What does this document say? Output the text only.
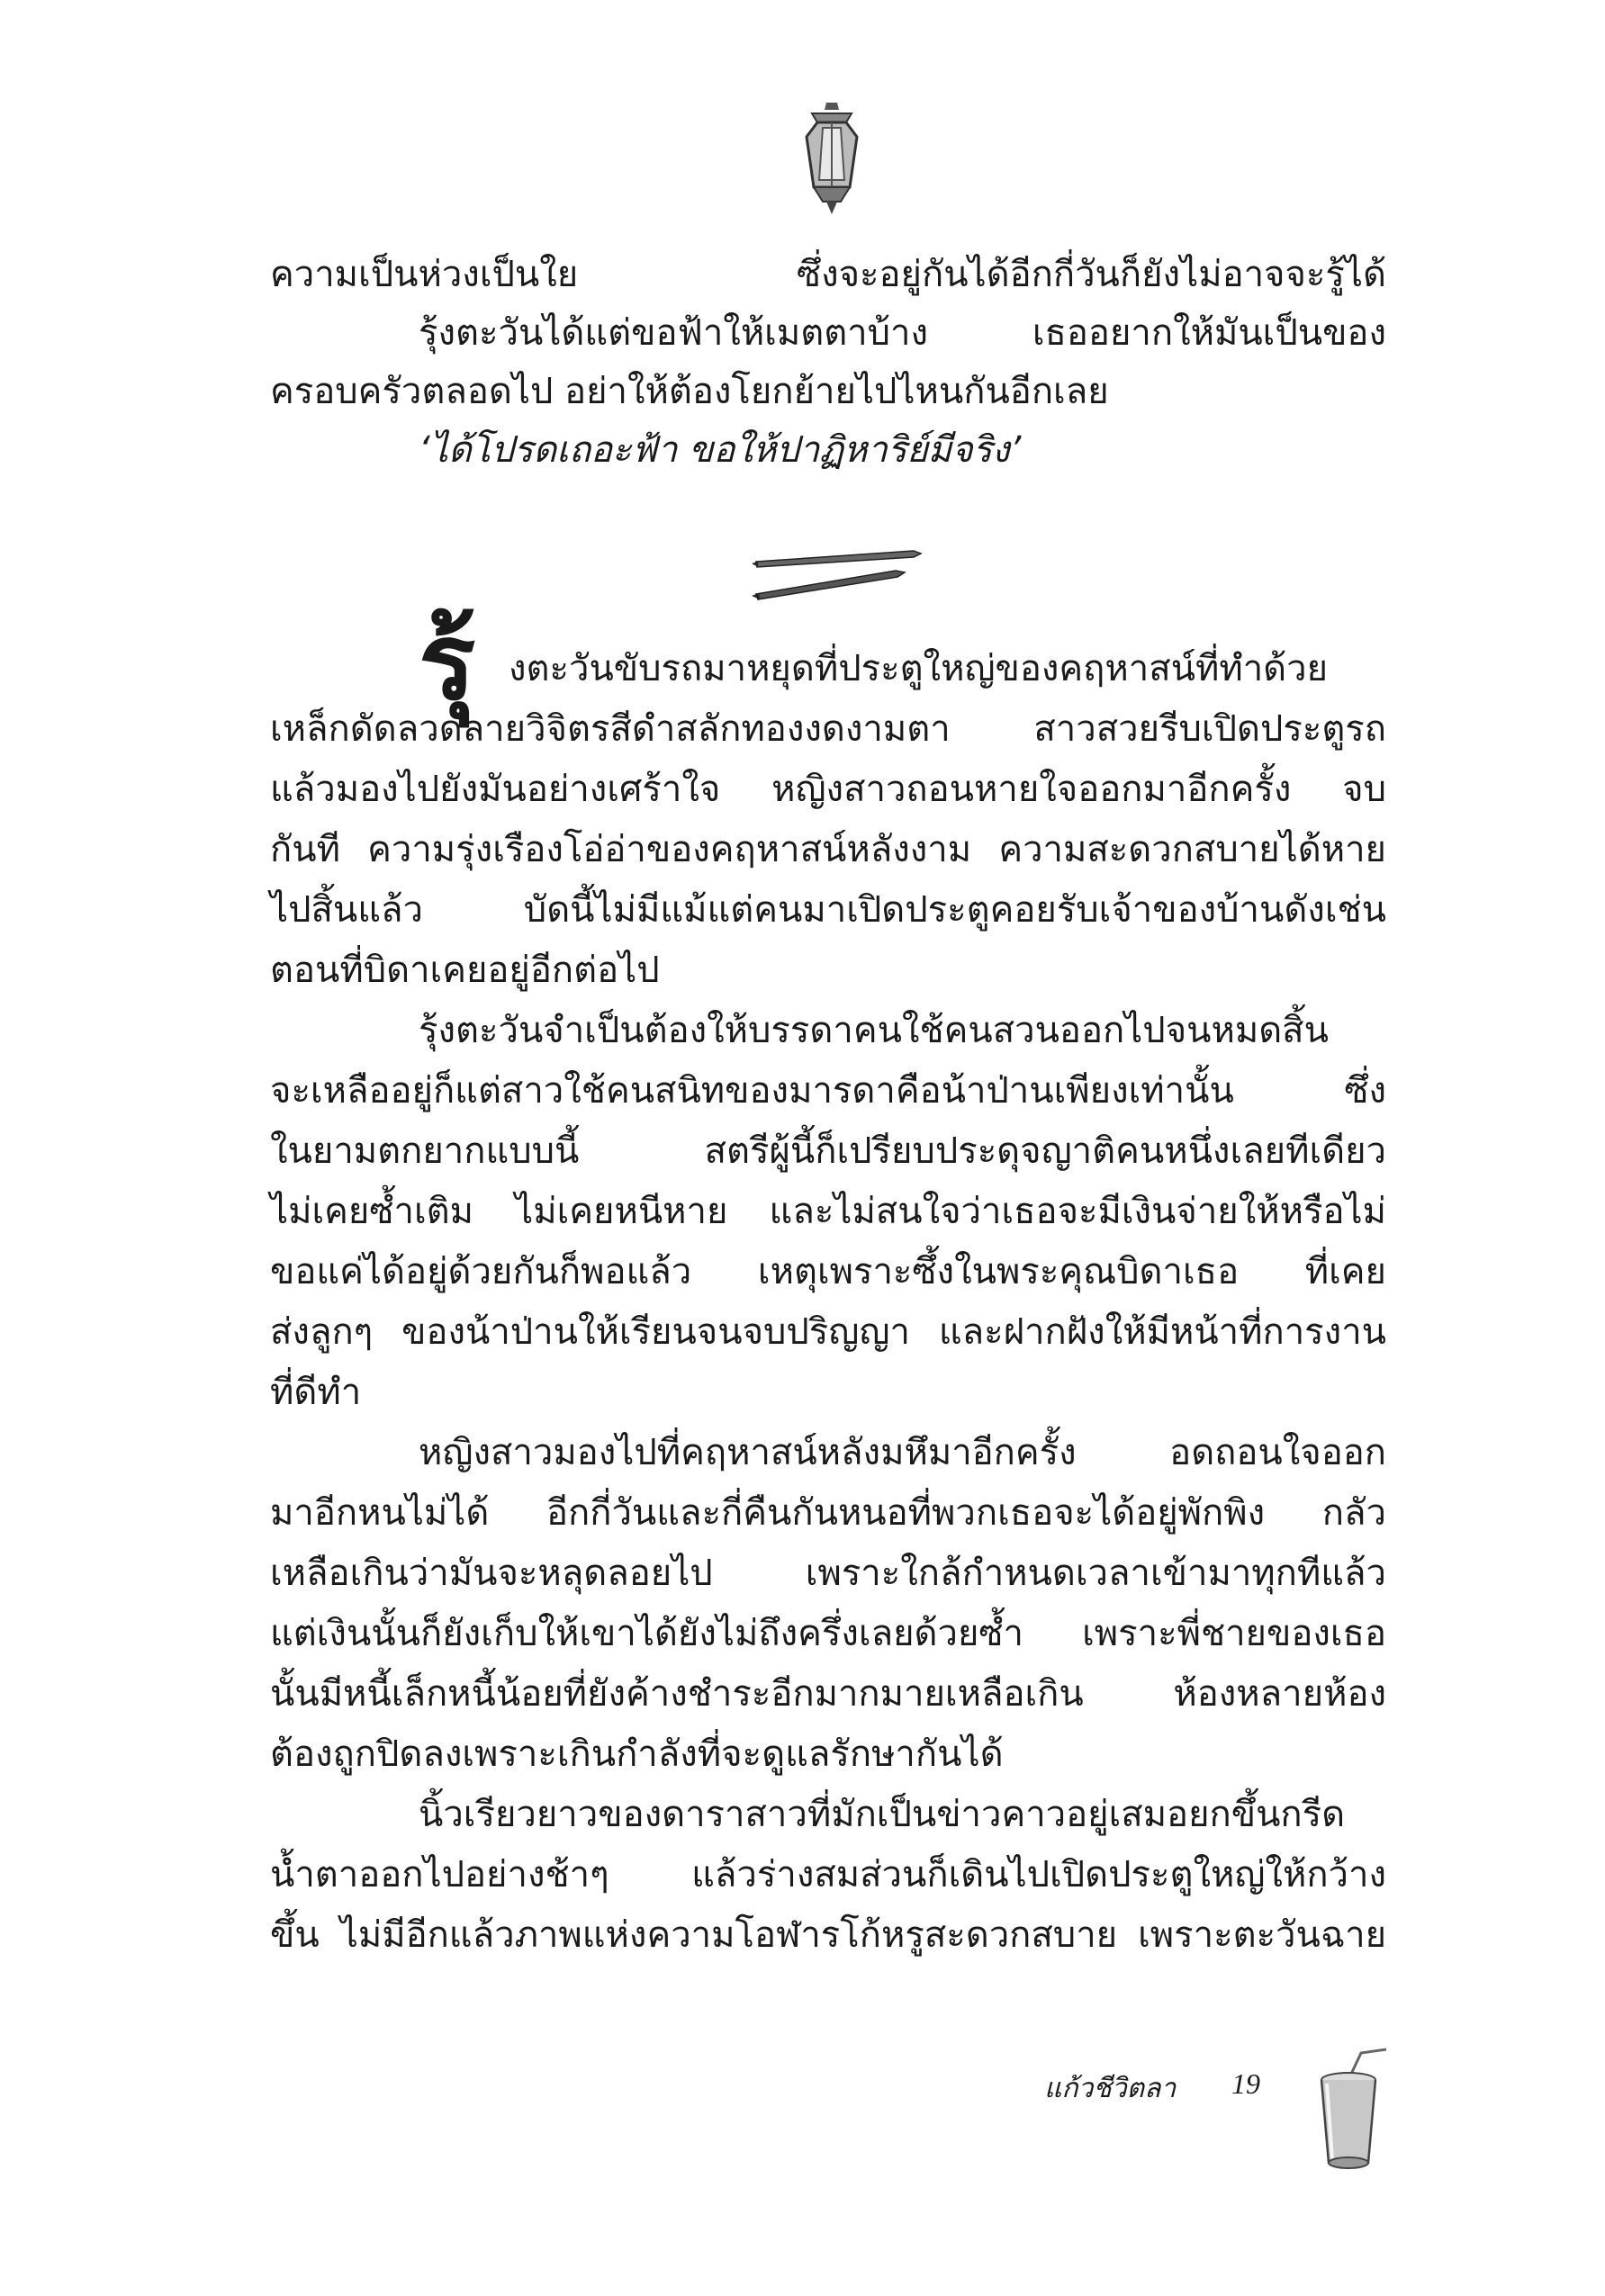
ความเป็นห่วงเป็นใย ซึ่งจะอยู่กันได้อีกกี่วันก็ยังไม่อาจจะรู้ได้
รุ้งตะวันได้แต่ขอฟ้าให้เมตตาบ้าง เธออยากให้มันเป็นของ
ครอบครัวตลอดไป อย่าให้ต้องโยกย้ายไปไหนกันอีกเลย
‘ได้โปรดเถอะฟ้า ขอให้ปาฏิหาริย์มีจริง’
รุ้ งตะวันขับรถมาหยุดที่ประตูใหญ่ของคฤหาสน์ที่ทำด้วย
เหล็กดัดลวดลายวิจิตรสีดำสลักทองงดงามตา สาวสวยรีบเปิดประตูรถ
แล้วมองไปยังมันอย่างเศร้าใจ หญิงสาวถอนหายใจออกมาอีกครั้ง จบ
กันที ความรุ่งเรืองโอ่อ่าของคฤหาสน์หลังงาม ความสะดวกสบายได้หาย
ไปสิ้นแล้ว บัดนี้ไม่มีแม้แต่คนมาเปิดประตูคอยรับเจ้าของบ้านดังเช่น
ตอนที่บิดาเคยอยู่อีกต่อไป
รุ้งตะวันจำเป็นต้องให้บรรดาคนใช้คนสวนออกไปจนหมดสิ้น
จะเหลืออยู่ก็แต่สาวใช้คนสนิทของมารดาคือน้าป่านเพียงเท่านั้น ซึ่ง
ในยามตกยากแบบนี้ สตรีผู้นี้ก็เปรียบประดุจญาติคนหนึ่งเลยทีเดียว
ไม่เคยซ้ำเติม ไม่เคยหนีหาย และไม่สนใจว่าเธอจะมีเงินจ่ายให้หรือไม่
ขอแค่ได้อยู่ด้วยกันก็พอแล้ว เหตุเพราะซึ้งในพระคุณบิดาเธอ ที่เคย
ส่งลูกๆ ของน้าป่านให้เรียนจนจบปริญญา และฝากฝังให้มีหน้าที่การงาน
ที่ดีทำ
หญิงสาวมองไปที่คฤหาสน์หลังมหึมาอีกครั้ง อดถอนใจออก
มาอีกหนไม่ได้ อีกกี่วันและกี่คืนกันหนอที่พวกเธอจะได้อยู่พักพิง กลัว
เหลือเกินว่ามันจะหลุดลอยไป เพราะใกล้กำหนดเวลาเข้ามาทุกทีแล้ว
แต่เงินนั้นก็ยังเก็บให้เขาได้ยังไม่ถึงครึ่งเลยด้วยซ้ำ เพราะพี่ชายของเธอ
นั้นมีหนี้เล็กหนี้น้อยที่ยังค้างชำระอีกมากมายเหลือเกิน ห้องหลายห้อง
ต้องถูกปิดลงเพราะเกินกำลังที่จะดูแลรักษากันได้
นิ้วเรียวยาวของดาราสาวที่มักเป็นข่าวคาวอยู่เสมอยกขึ้นกรีด
น้ำตาออกไปอย่างช้าๆ แล้วร่างสมส่วนก็เดินไปเปิดประตูใหญ่ให้กว้าง
ขึ้น ไม่มีอีกแล้วภาพแห่งความโอฬารโก้หรูสะดวกสบาย เพราะตะวันฉาย
แก้วชีวิตลา 19
